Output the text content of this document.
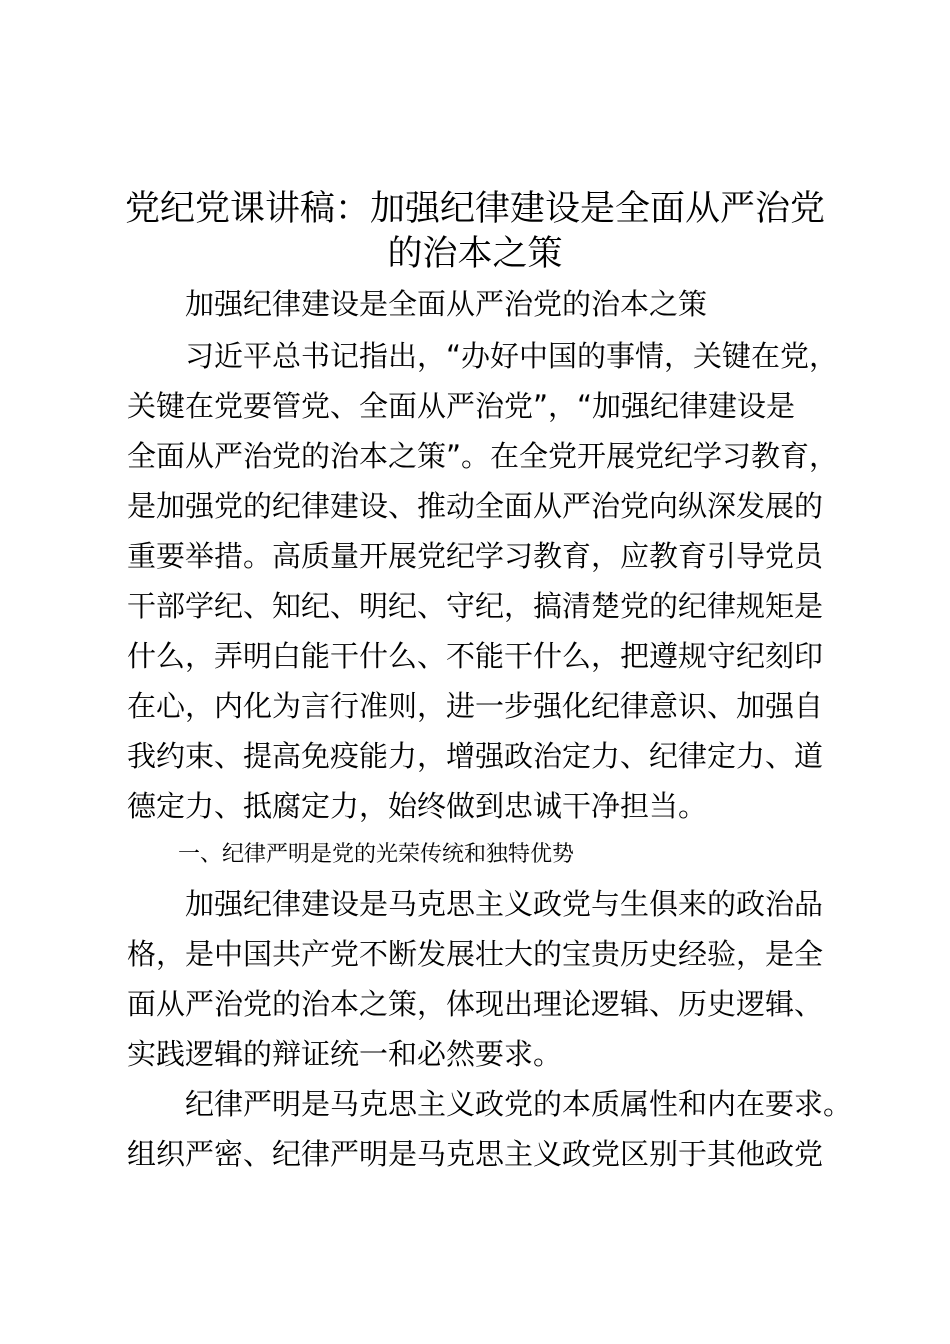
党纪党课讲稿：加强纪律建设是全面从严治党
的治本之策

加强纪律建设是全面从严治党的治本之策

习近平总书记指出，“办好中国的事情，关键在党，

关键在党要管党、全面从严治党”，“加强纪律建设是

全面从严治党的治本之策”。在全党开展党纪学习教育，

是加强党的纪律建设、推动全面从严治党向纵深发展的

重要举措。高质量开展党纪学习教育，应教育引导党员

干部学纪、知纪、明纪、守纪，搞清楚党的纪律规矩是

什么，弄明白能干什么、不能干什么，把遵规守纪刻印

在心，内化为言行准则，进一步强化纪律意识、加强自

我约束、提高免疫能力，增强政治定力、纪律定力、道

德定力、抵腐定力，始终做到忠诚干净担当。

一、纪律严明是党的光荣传统和独特优势

加强纪律建设是马克思主义政党与生俱来的政治品

格，是中国共产党不断发展壮大的宝贵历史经验，是全

面从严治党的治本之策，体现出理论逻辑、历史逻辑、

实践逻辑的辩证统一和必然要求。

纪律严明是马克思主义政党的本质属性和内在要求。

组织严密、纪律严明是马克思主义政党区别于其他政党
